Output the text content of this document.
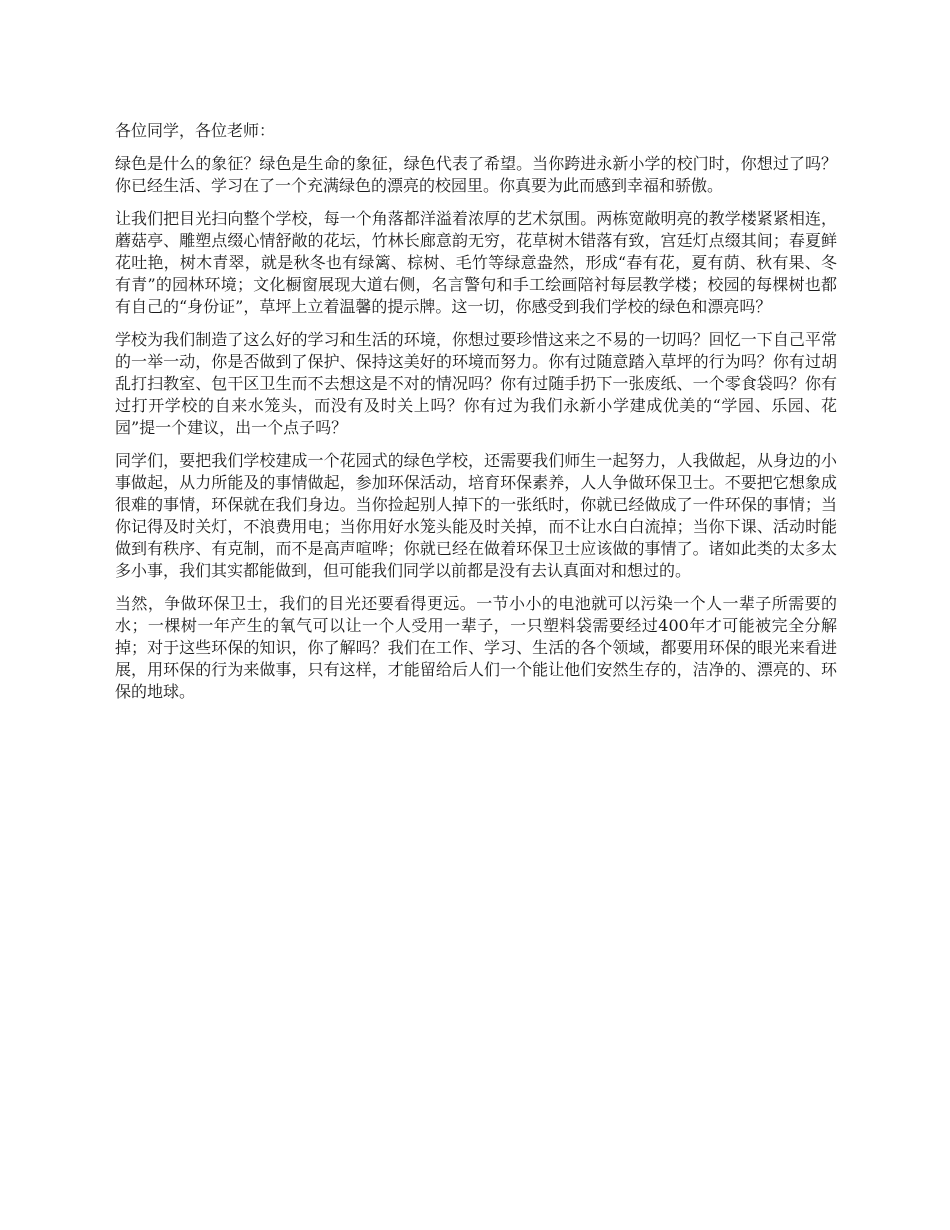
各位同学，各位老师：

绿色是什么的象征？绿色是生命的象征，绿色代表了希望。当你跨进永新小学的校门时，你想过了吗？你已经生活、学习在了一个充满绿色的漂亮的校园里。你真要为此而感到幸福和骄傲。

让我们把目光扫向整个学校，每一个角落都洋溢着浓厚的艺术氛围。两栋宽敞明亮的教学楼紧紧相连，蘑菇亭、雕塑点缀心情舒敞的花坛，竹林长廊意韵无穷，花草树木错落有致，宫廷灯点缀其间；春夏鲜花吐艳，树木青翠，就是秋冬也有绿篱、棕树、毛竹等绿意盎然，形成“春有花，夏有荫、秋有果、冬有青”的园林环境；文化橱窗展现大道右侧，名言警句和手工绘画陪衬每层教学楼；校园的每棵树也都有自己的“身份证”，草坪上立着温馨的提示牌。这一切，你感受到我们学校的绿色和漂亮吗？

学校为我们制造了这么好的学习和生活的环境，你想过要珍惜这来之不易的一切吗？回忆一下自己平常的一举一动，你是否做到了保护、保持这美好的环境而努力。你有过随意踏入草坪的行为吗？你有过胡乱打扫教室、包干区卫生而不去想这是不对的情况吗？你有过随手扔下一张废纸、一个零食袋吗？你有过打开学校的自来水笼头，而没有及时关上吗？你有过为我们永新小学建成优美的“学园、乐园、花园”提一个建议，出一个点子吗？

同学们，要把我们学校建成一个花园式的绿色学校，还需要我们师生一起努力，人我做起，从身边的小事做起，从力所能及的事情做起，参加环保活动，培育环保素养，人人争做环保卫士。不要把它想象成很难的事情，环保就在我们身边。当你捡起别人掉下的一张纸时，你就已经做成了一件环保的事情；当你记得及时关灯，不浪费用电；当你用好水笼头能及时关掉，而不让水白白流掉；当你下课、活动时能做到有秩序、有克制，而不是高声喧哗；你就已经在做着环保卫士应该做的事情了。诸如此类的太多太多小事，我们其实都能做到，但可能我们同学以前都是没有去认真面对和想过的。

当然，争做环保卫士，我们的目光还要看得更远。一节小小的电池就可以污染一个人一辈子所需要的水；一棵树一年产生的氧气可以让一个人受用一辈子，一只塑料袋需要经过400年才可能被完全分解掉；对于这些环保的知识，你了解吗？我们在工作、学习、生活的各个领域，都要用环保的眼光来看进展，用环保的行为来做事，只有这样，才能留给后人们一个能让他们安然生存的，洁净的、漂亮的、环保的地球。
